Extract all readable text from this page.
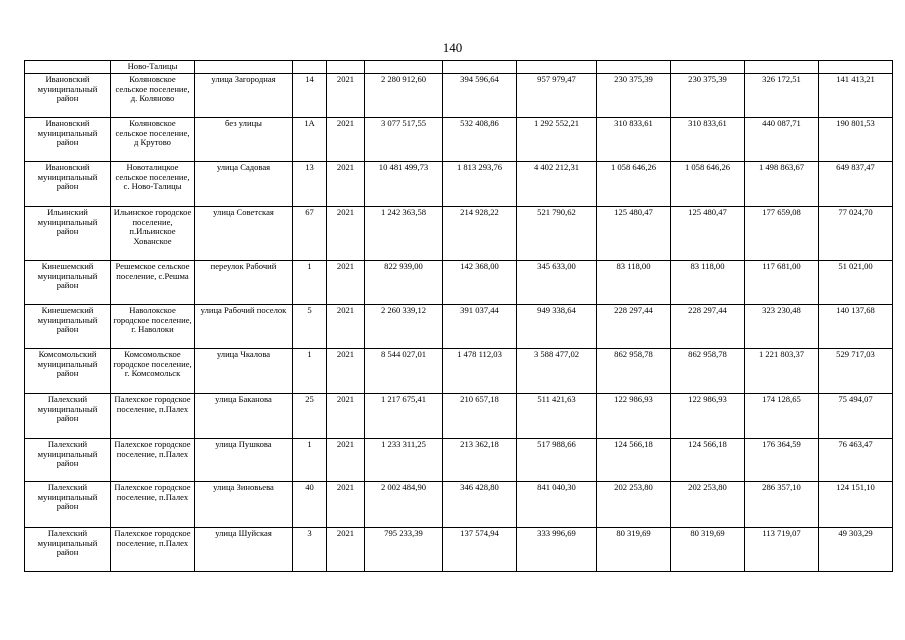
140
	Ново-Талицы										
Ивановский муниципальный район	Коляновское сельское поселение, д. Коляново	улица Загородная	14	2021	2 280 912,60	394 596,64	957 979,47	230 375,39	230 375,39	326 172,51	141 413,21
Ивановский муниципальный район	Коляновское сельское поселение, д Крутово	без улицы	1А	2021	3 077 517,55	532 408,86	1 292 552,21	310 833,61	310 833,61	440 087,71	190 801,53
Ивановский муниципальный район	Новоталицкое сельское поселение, с. Ново-Талицы	улица Садовая	13	2021	10 481 499,73	1 813 293,76	4 402 212,31	1 058 646,26	1 058 646,26	1 498 863,67	649 837,47
Ильинский муниципальный район	Ильинское городское поселение, п.Ильинское Хованское	улица Советская	67	2021	1 242 363,58	214 928,22	521 790,62	125 480,47	125 480,47	177 659,08	77 024,70
Кинешемский муниципальный район	Решемское сельское поселение, с.Решма	переулок Рабочий	1	2021	822 939,00	142 368,00	345 633,00	83 118,00	83 118,00	117 681,00	51 021,00
Кинешемский муниципальный район	Наволокское городское поселение, г. Наволоки	улица Рабочий поселок	5	2021	2 260 339,12	391 037,44	949 338,64	228 297,44	228 297,44	323 230,48	140 137,68
Комсомольский муниципальный район	Комсомольское городское поселение, г. Комсомольск	улица Чкалова	1	2021	8 544 027,01	1 478 112,03	3 588 477,02	862 958,78	862 958,78	1 221 803,37	529 717,03
Палехский муниципальный район	Палехское городское поселение, п.Палех	улица Баканова	25	2021	1 217 675,41	210 657,18	511 421,63	122 986,93	122 986,93	174 128,65	75 494,07
Палехский муниципальный район	Палехское городское поселение, п.Палех	улица Пушкова	1	2021	1 233 311,25	213 362,18	517 988,66	124 566,18	124 566,18	176 364,59	76 463,47
Палехский муниципальный район	Палехское городское поселение, п.Палех	улица Зиновьева	40	2021	2 002 484,90	346 428,80	841 040,30	202 253,80	202 253,80	286 357,10	124 151,10
Палехский муниципальный район	Палехское городское поселение, п.Палех	улица Шуйская	3	2021	795 233,39	137 574,94	333 996,69	80 319,69	80 319,69	113 719,07	49 303,29
